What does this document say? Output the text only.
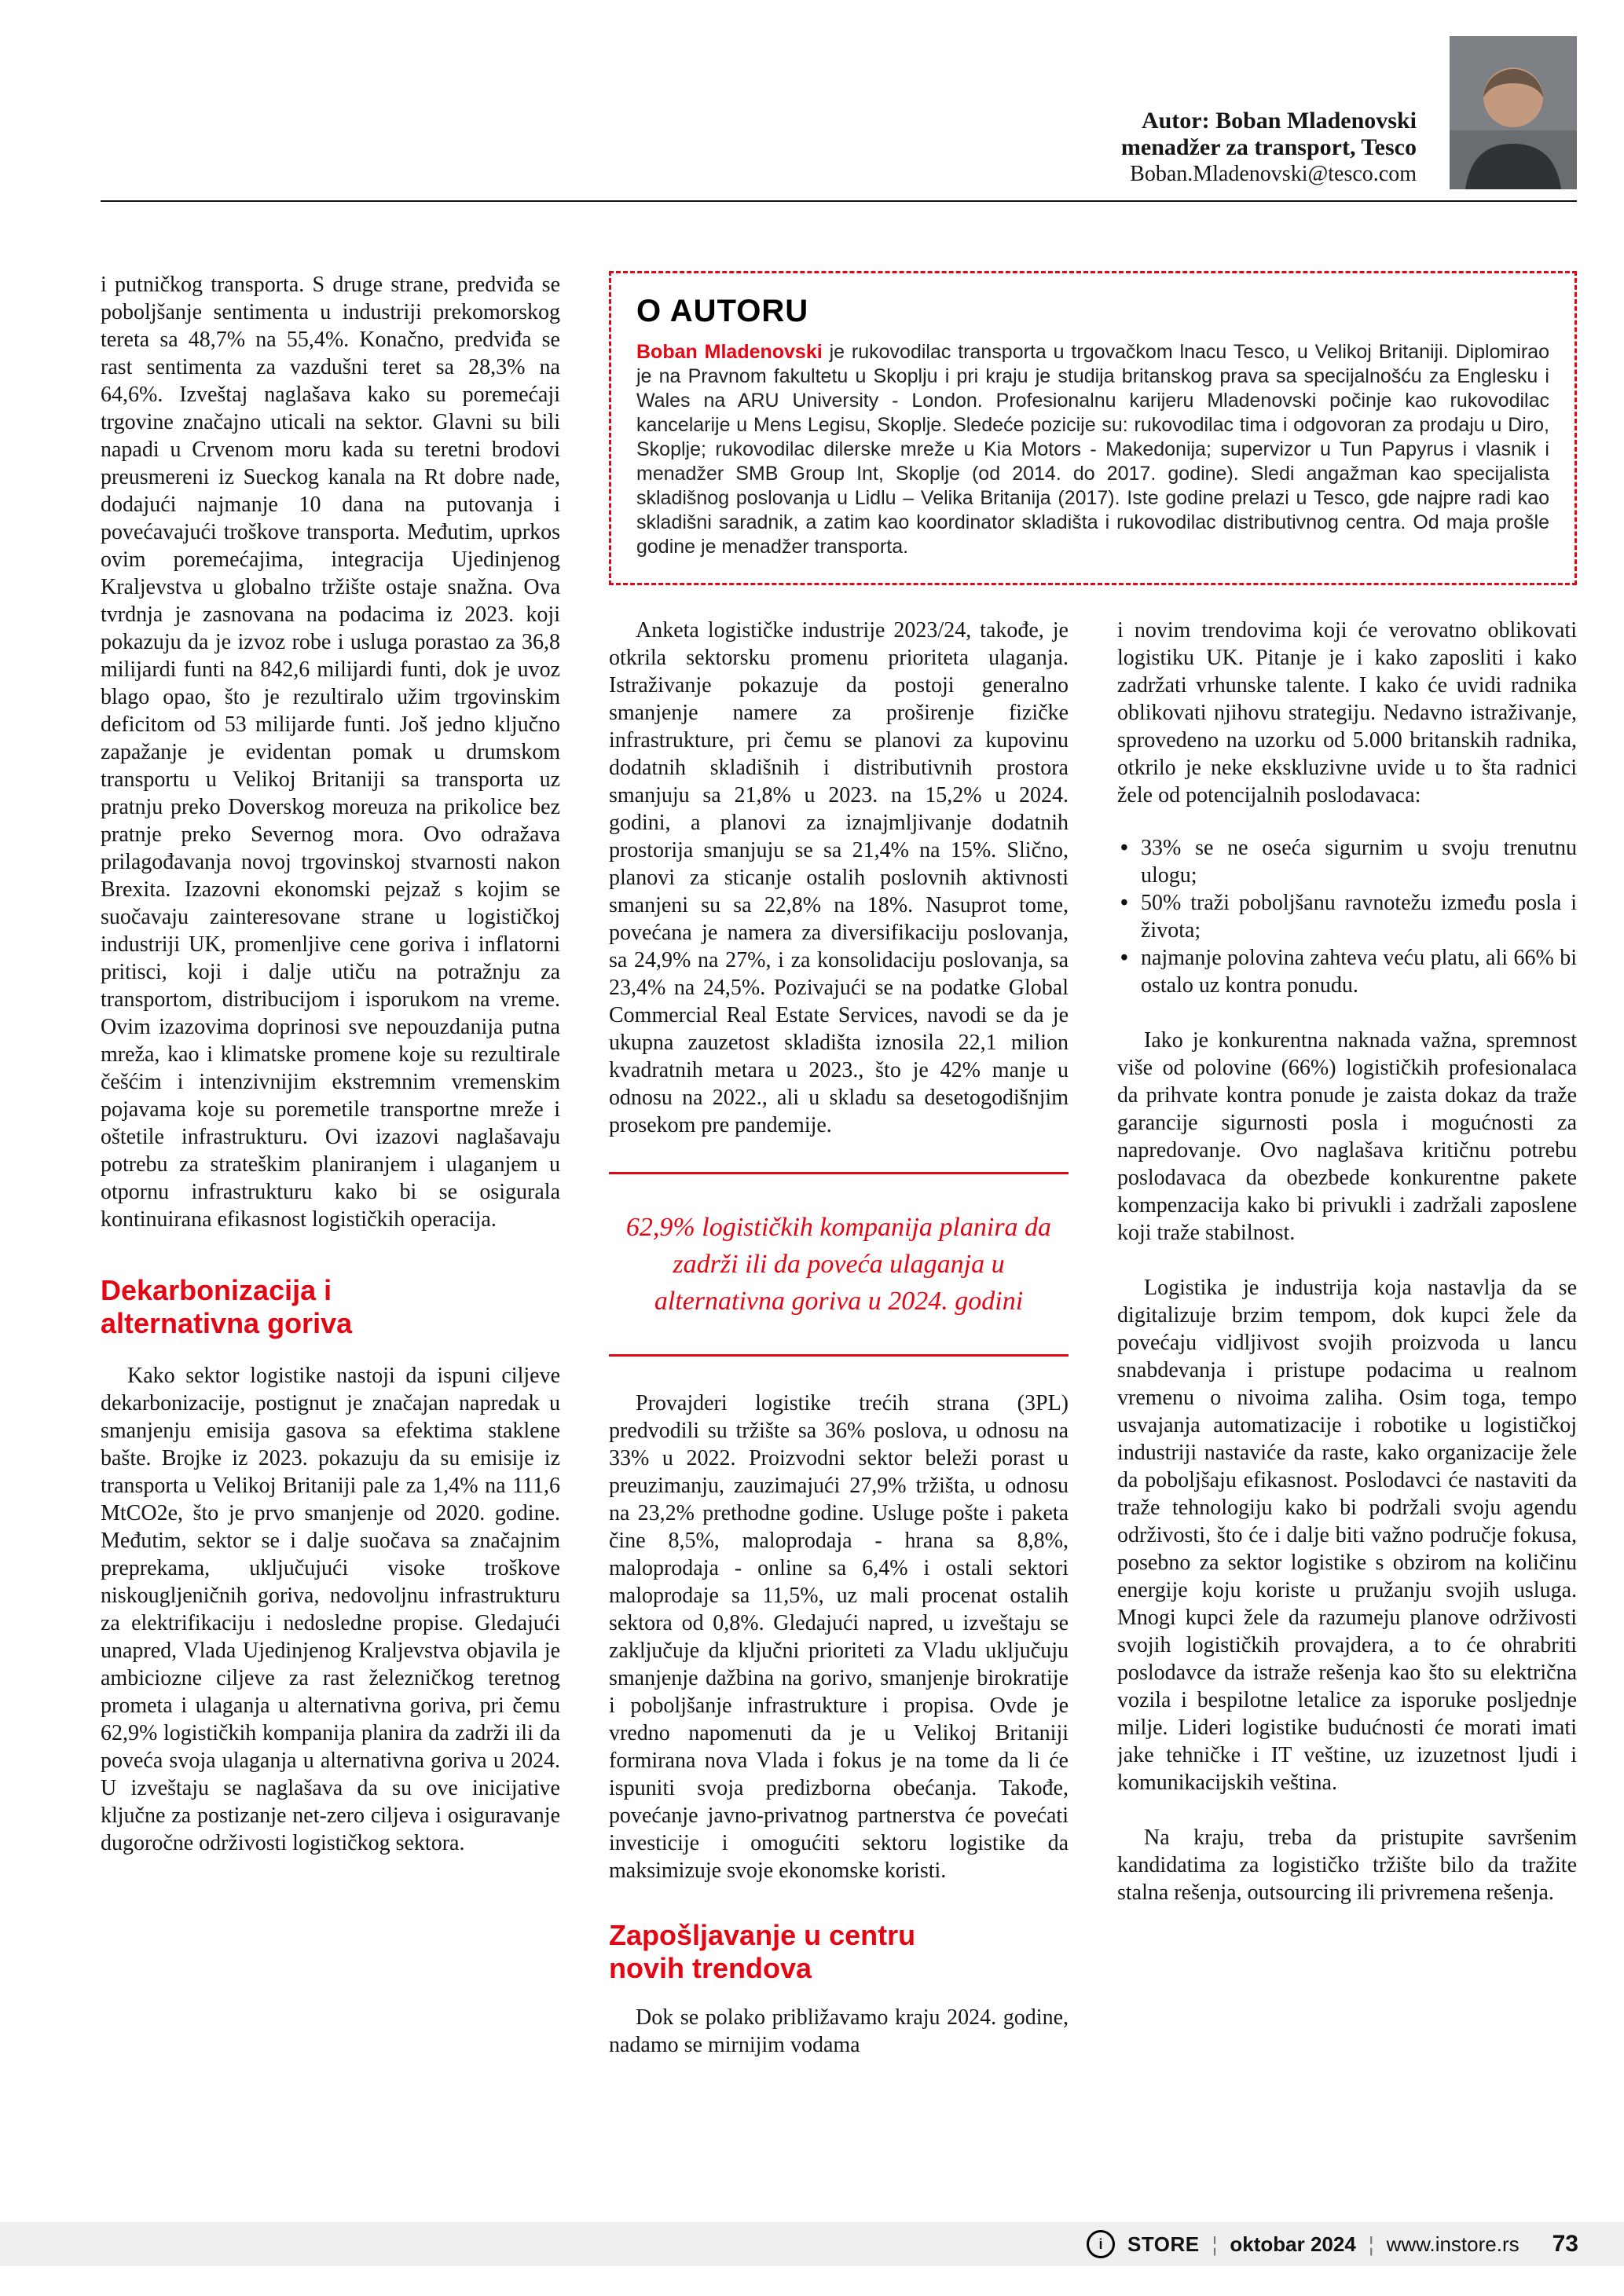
Autor: Boban Mladenovski
menadžer za transport, Tesco
Boban.Mladenovski@tesco.com

i putničkog transporta. S druge strane, predviđa se poboljšanje sentimenta u industriji prekomorskog tereta sa 48,7% na 55,4%. Konačno, predviđa se rast sentimenta za vazdušni teret sa 28,3% na 64,6%. Izveštaj naglašava kako su poremećaji trgovine značajno uticali na sektor. Glavni su bili napadi u Crvenom moru kada su teretni brodovi preusmereni iz Sueckog kanala na Rt dobre nade, dodajući najmanje 10 dana na putovanja i povećavajući troškove transporta. Međutim, uprkos ovim poremećajima, integracija Ujedinjenog Kraljevstva u globalno tržište ostaje snažna. Ova tvrdnja je zasnovana na podacima iz 2023. koji pokazuju da je izvoz robe i usluga porastao za 36,8 milijardi funti na 842,6 milijardi funti, dok je uvoz blago opao, što je rezultiralo užim trgovinskim deficitom od 53 milijarde funti. Još jedno ključno zapažanje je evidentan pomak u drumskom transportu u Velikoj Britaniji sa transporta uz pratnju preko Doverskog moreuza na prikolice bez pratnje preko Severnog mora. Ovo odražava prilagođavanja novoj trgovinskoj stvarnosti nakon Brexita. Izazovni ekonomski pejzaž s kojim se suočavaju zainteresovane strane u logističkoj industriji UK, promenljive cene goriva i inflatorni pritisci, koji i dalje utiču na potražnju za transportom, distribucijom i isporukom na vreme. Ovim izazovima doprinosi sve nepouzdanija putna mreža, kao i klimatske promene koje su rezultirale češćim i intenzivnijim ekstremnim vremenskim pojavama koje su poremetile transportne mreže i oštetile infrastrukturu. Ovi izazovi naglašavaju potrebu za strateškim planiranjem i ulaganjem u otpornu infrastrukturu kako bi se osigurala kontinuirana efikasnost logističkih operacija.

Dekarbonizacija i alternativna goriva

Kako sektor logistike nastoji da ispuni ciljeve dekarbonizacije, postignut je značajan napredak u smanjenju emisija gasova sa efektima staklene bašte. Brojke iz 2023. pokazuju da su emisije iz transporta u Velikoj Britaniji pale za 1,4% na 111,6 MtCO2e, što je prvo smanjenje od 2020. godine. Međutim, sektor se i dalje suočava sa značajnim preprekama, uključujući visoke troškove niskougljeničnih goriva, nedovoljnu infrastrukturu za elektrifikaciju i nedosledne propise. Gledajući unapred, Vlada Ujedinjenog Kraljevstva objavila je ambiciozne ciljeve za rast železničkog teretnog prometa i ulaganja u alternativna goriva, pri čemu 62,9% logističkih kompanija planira da zadrži ili da poveća svoja ulaganja u alternativna goriva u 2024. U izveštaju se naglašava da su ove inicijative ključne za postizanje net-zero ciljeva i osiguravanje dugoročne održivosti logističkog sektora.

O AUTORU

Boban Mladenovski je rukovodilac transporta u trgovačkom lnacu Tesco, u Velikoj Britaniji. Diplomirao je na Pravnom fakultetu u Skoplju i pri kraju je studija britanskog prava sa specijalnošću za Englesku i Wales na ARU University - London. Profesionalnu karijeru Mladenovski počinje kao rukovodilac kancelarije u Mens Legisu, Skoplje. Sledeće pozicije su: rukovodilac tima i odgovoran za prodaju u Diro, Skoplje; rukovodilac dilerske mreže u Kia Motors - Makedonija; supervizor u Tun Papyrus i vlasnik i menadžer SMB Group Int, Skoplje (od 2014. do 2017. godine). Sledi angažman kao specijalista skladišnog poslovanja u Lidlu – Velika Britanija (2017). Iste godine prelazi u Tesco, gde najpre radi kao skladišni saradnik, a zatim kao koordinator skladišta i rukovodilac distributivnog centra. Od maja prošle godine je menadžer transporta.

Anketa logističke industrije 2023/24, takođe, je otkrila sektorsku promenu prioriteta ulaganja. Istraživanje pokazuje da postoji generalno smanjenje namere za proširenje fizičke infrastrukture, pri čemu se planovi za kupovinu dodatnih skladišnih i distributivnih prostora smanjuju sa 21,8% u 2023. na 15,2% u 2024. godini, a planovi za iznajmljivanje dodatnih prostorija smanjuju se sa 21,4% na 15%. Slično, planovi za sticanje ostalih poslovnih aktivnosti smanjeni su sa 22,8% na 18%. Nasuprot tome, povećana je namera za diversifikaciju poslovanja, sa 24,9% na 27%, i za konsolidaciju poslovanja, sa 23,4% na 24,5%. Pozivajući se na podatke Global Commercial Real Estate Services, navodi se da je ukupna zauzetost skladišta iznosila 22,1 milion kvadratnih metara u 2023., što je 42% manje u odnosu na 2022., ali u skladu sa desetogodišnjim prosekom pre pandemije.

62,9% logističkih kompanija planira da zadrži ili da poveća ulaganja u alternativna goriva u 2024. godini

Provajderi logistike trećih strana (3PL) predvodili su tržište sa 36% poslova, u odnosu na 33% u 2022. Proizvodni sektor beleži porast u preuzimanju, zauzimajući 27,9% tržišta, u odnosu na 23,2% prethodne godine. Usluge pošte i paketa čine 8,5%, maloprodaja - hrana sa 8,8%, maloprodaja - online sa 6,4% i ostali sektori maloprodaje sa 11,5%, uz mali procenat ostalih sektora od 0,8%. Gledajući napred, u izveštaju se zaključuje da ključni prioriteti za Vladu uključuju smanjenje dažbina na gorivo, smanjenje birokratije i poboljšanje infrastrukture i propisa. Ovde je vredno napomenuti da je u Velikoj Britaniji formirana nova Vlada i fokus je na tome da li će ispuniti svoja predizborna obećanja. Takođe, povećanje javno-privatnog partnerstva će povećati investicije i omogućiti sektoru logistike da maksimizuje svoje ekonomske koristi.

Zapošljavanje u centru novih trendova

Dok se polako približavamo kraju 2024. godine, nadamo se mirnijim vodama

i novim trendovima koji će verovatno oblikovati logistiku UK. Pitanje je i kako zaposliti i kako zadržati vrhunske talente. I kako će uvidi radnika oblikovati njihovu strategiju. Nedavno istraživanje, sprovedeno na uzorku od 5.000 britanskih radnika, otkrilo je neke ekskluzivne uvide u to šta radnici žele od potencijalnih poslodavaca:

• 33% se ne oseća sigurnim u svoju trenutnu ulogu;
• 50% traži poboljšanu ravnotežu između posla i života;
• najmanje polovina zahteva veću platu, ali 66% bi ostalo uz kontra ponudu.

Iako je konkurentna naknada važna, spremnost više od polovine (66%) logističkih profesionalaca da prihvate kontra ponude je zaista dokaz da traže garancije sigurnosti posla i mogućnosti za napredovanje. Ovo naglašava kritičnu potrebu poslodavaca da obezbede konkurentne pakete kompenzacija kako bi privukli i zadržali zaposlene koji traže stabilnost.

Logistika je industrija koja nastavlja da se digitalizuje brzim tempom, dok kupci žele da povećaju vidljivost svojih proizvoda u lancu snabdevanja i pristupe podacima u realnom vremenu o nivoima zaliha. Osim toga, tempo usvajanja automatizacije i robotike u logističkoj industriji nastaviće da raste, kako organizacije žele da poboljšaju efikasnost. Poslodavci će nastaviti da traže tehnologiju kako bi podržali svoju agendu održivosti, što će i dalje biti važno područje fokusa, posebno za sektor logistike s obzirom na količinu energije koju koriste u pružanju svojih usluga. Mnogi kupci žele da razumeju planove održivosti svojih logističkih provajdera, a to će ohrabriti poslodavce da istraže rešenja kao što su električna vozila i bespilotne letalice za isporuke posljednje milje. Lideri logistike budućnosti će morati imati jake tehničke i IT veštine, uz izuzetnost ljudi i komunikacijskih veština.

Na kraju, treba da pristupite savršenim kandidatima za logističko tržište bilo da tražite stalna rešenja, outsourcing ili privremena rešenja.

i	STORE ¦ oktobar 2024 ¦ www.instore.rs 73
